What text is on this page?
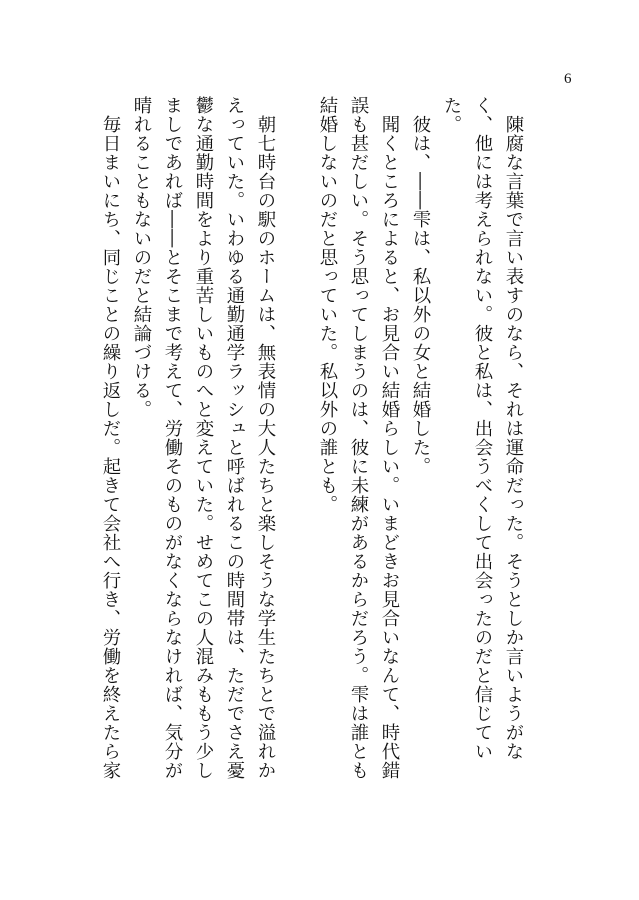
6

　陳腐な言葉で言い表すのなら、それは運命だった。そうとしか言いようがなく、他には考えられない。彼と私は、出会うべくして出会ったのだと信じていた。

　彼は、――雫は、私以外の女と結婚した。

　聞くところによると、お見合い結婚らしい。いまどきお見合いなんて、時代錯誤も甚だしい。そう思ってしまうのは、彼に未練があるからだろう。雫は誰とも結婚しないのだと思っていた。私以外の誰とも。

　朝七時台の駅のホームは、無表情の大人たちと楽しそうな学生たちとで溢れかえっていた。いわゆる通勤通学ラッシュと呼ばれるこの時間帯は、ただでさえ憂鬱な通勤時間をより重苦しいものへと変えていた。せめてこの人混みももう少しましであれば――とそこまで考えて、労働そのものがなくならなければ、気分が晴れることもないのだと結論づける。

　毎日まいにち、同じことの繰り返しだ。起きて会社へ行き、労働を終えたら家
